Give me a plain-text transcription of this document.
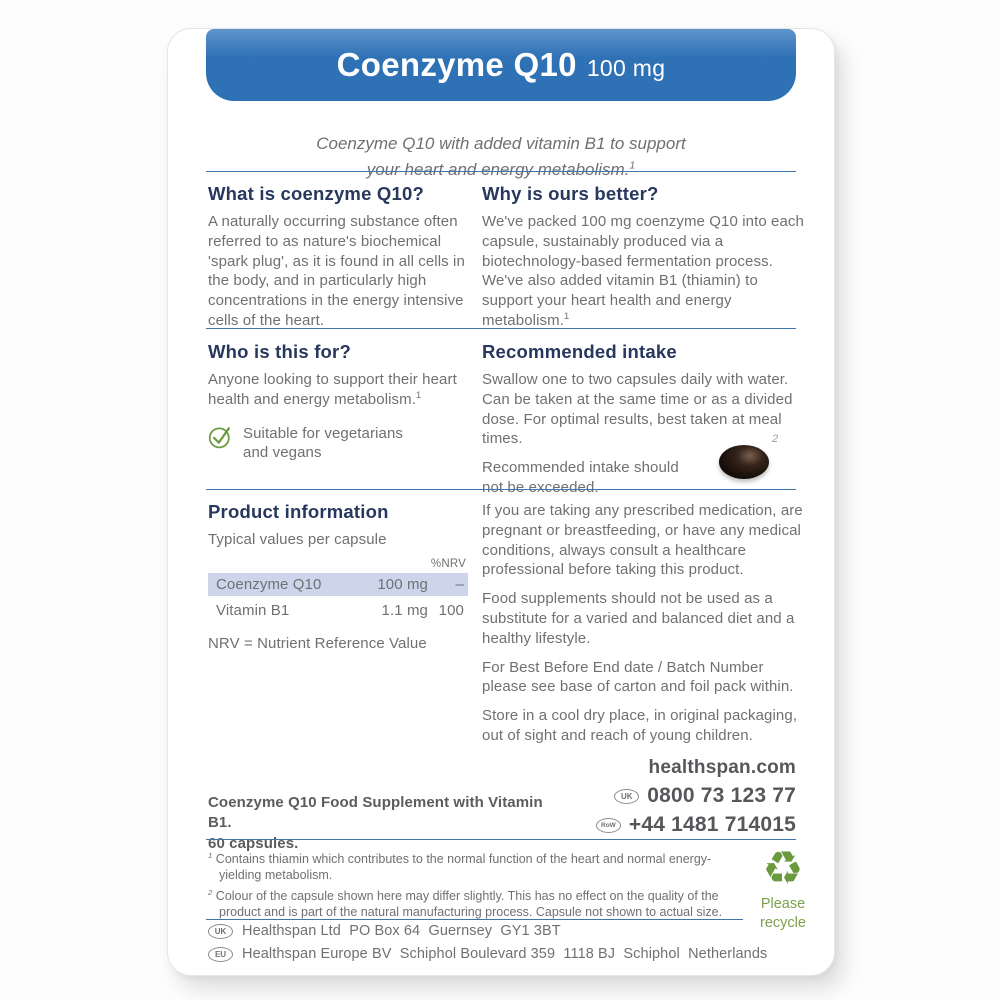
Coenzyme Q10 100 mg
Coenzyme Q10 with added vitamin B1 to support
your heart and energy metabolism.$^1$
What is coenzyme Q10?
A naturally occurring substance often referred to as nature's biochemical 'spark plug', as it is found in all cells in the body, and in particularly high concentrations in the energy intensive cells of the heart.
Why is ours better?
We've packed 100 mg coenzyme Q10 into each capsule, sustainably produced via a biotechnology-based fermentation process. We've also added vitamin B1 (thiamin) to support your heart health and energy metabolism.$^1$
Who is this for?
Anyone looking to support their heart health and energy metabolism.$^1$
Suitable for vegetarians and vegans
Recommended intake
Swallow one to two capsules daily with water. Can be taken at the same time or as a divided dose. For optimal results, best taken at meal times.
Recommended intake should not be exceeded.
2
Product information
Typical values per capsule
%NRV
Coenzyme Q10	100 mg	–
Vitamin B1	1.1 mg 100
NRV = Nutrient Reference Value

If you are taking any prescribed medication, are pregnant or breastfeeding, or have any medical conditions, always consult a healthcare professional before taking this product.

Food supplements should not be used as a substitute for a varied and balanced diet and a healthy lifestyle.

For Best Before End date / Batch Number please see base of carton and foil pack within.

Store in a cool dry place, in original packaging, out of sight and reach of young children.

healthspan.com
UK 0800 73 123 77
RoW +44 1481 714015
Coenzyme Q10 Food Supplement with Vitamin B1.
60 capsules.
$^1$ Contains thiamin which contributes to the normal function of the heart and normal energy-yielding metabolism.
$^2$ Colour of the capsule shown here may differ slightly. This has no effect on the quality of the product and is part of the natural manufacturing process. Capsule not shown to actual size.
♻
Please
recycle
UK	Healthspan Ltd  PO Box 64  Guernsey  GY1 3BT
EU	Healthspan Europe BV  Schiphol Boulevard 359  1118 BJ  Schiphol  Netherlands
